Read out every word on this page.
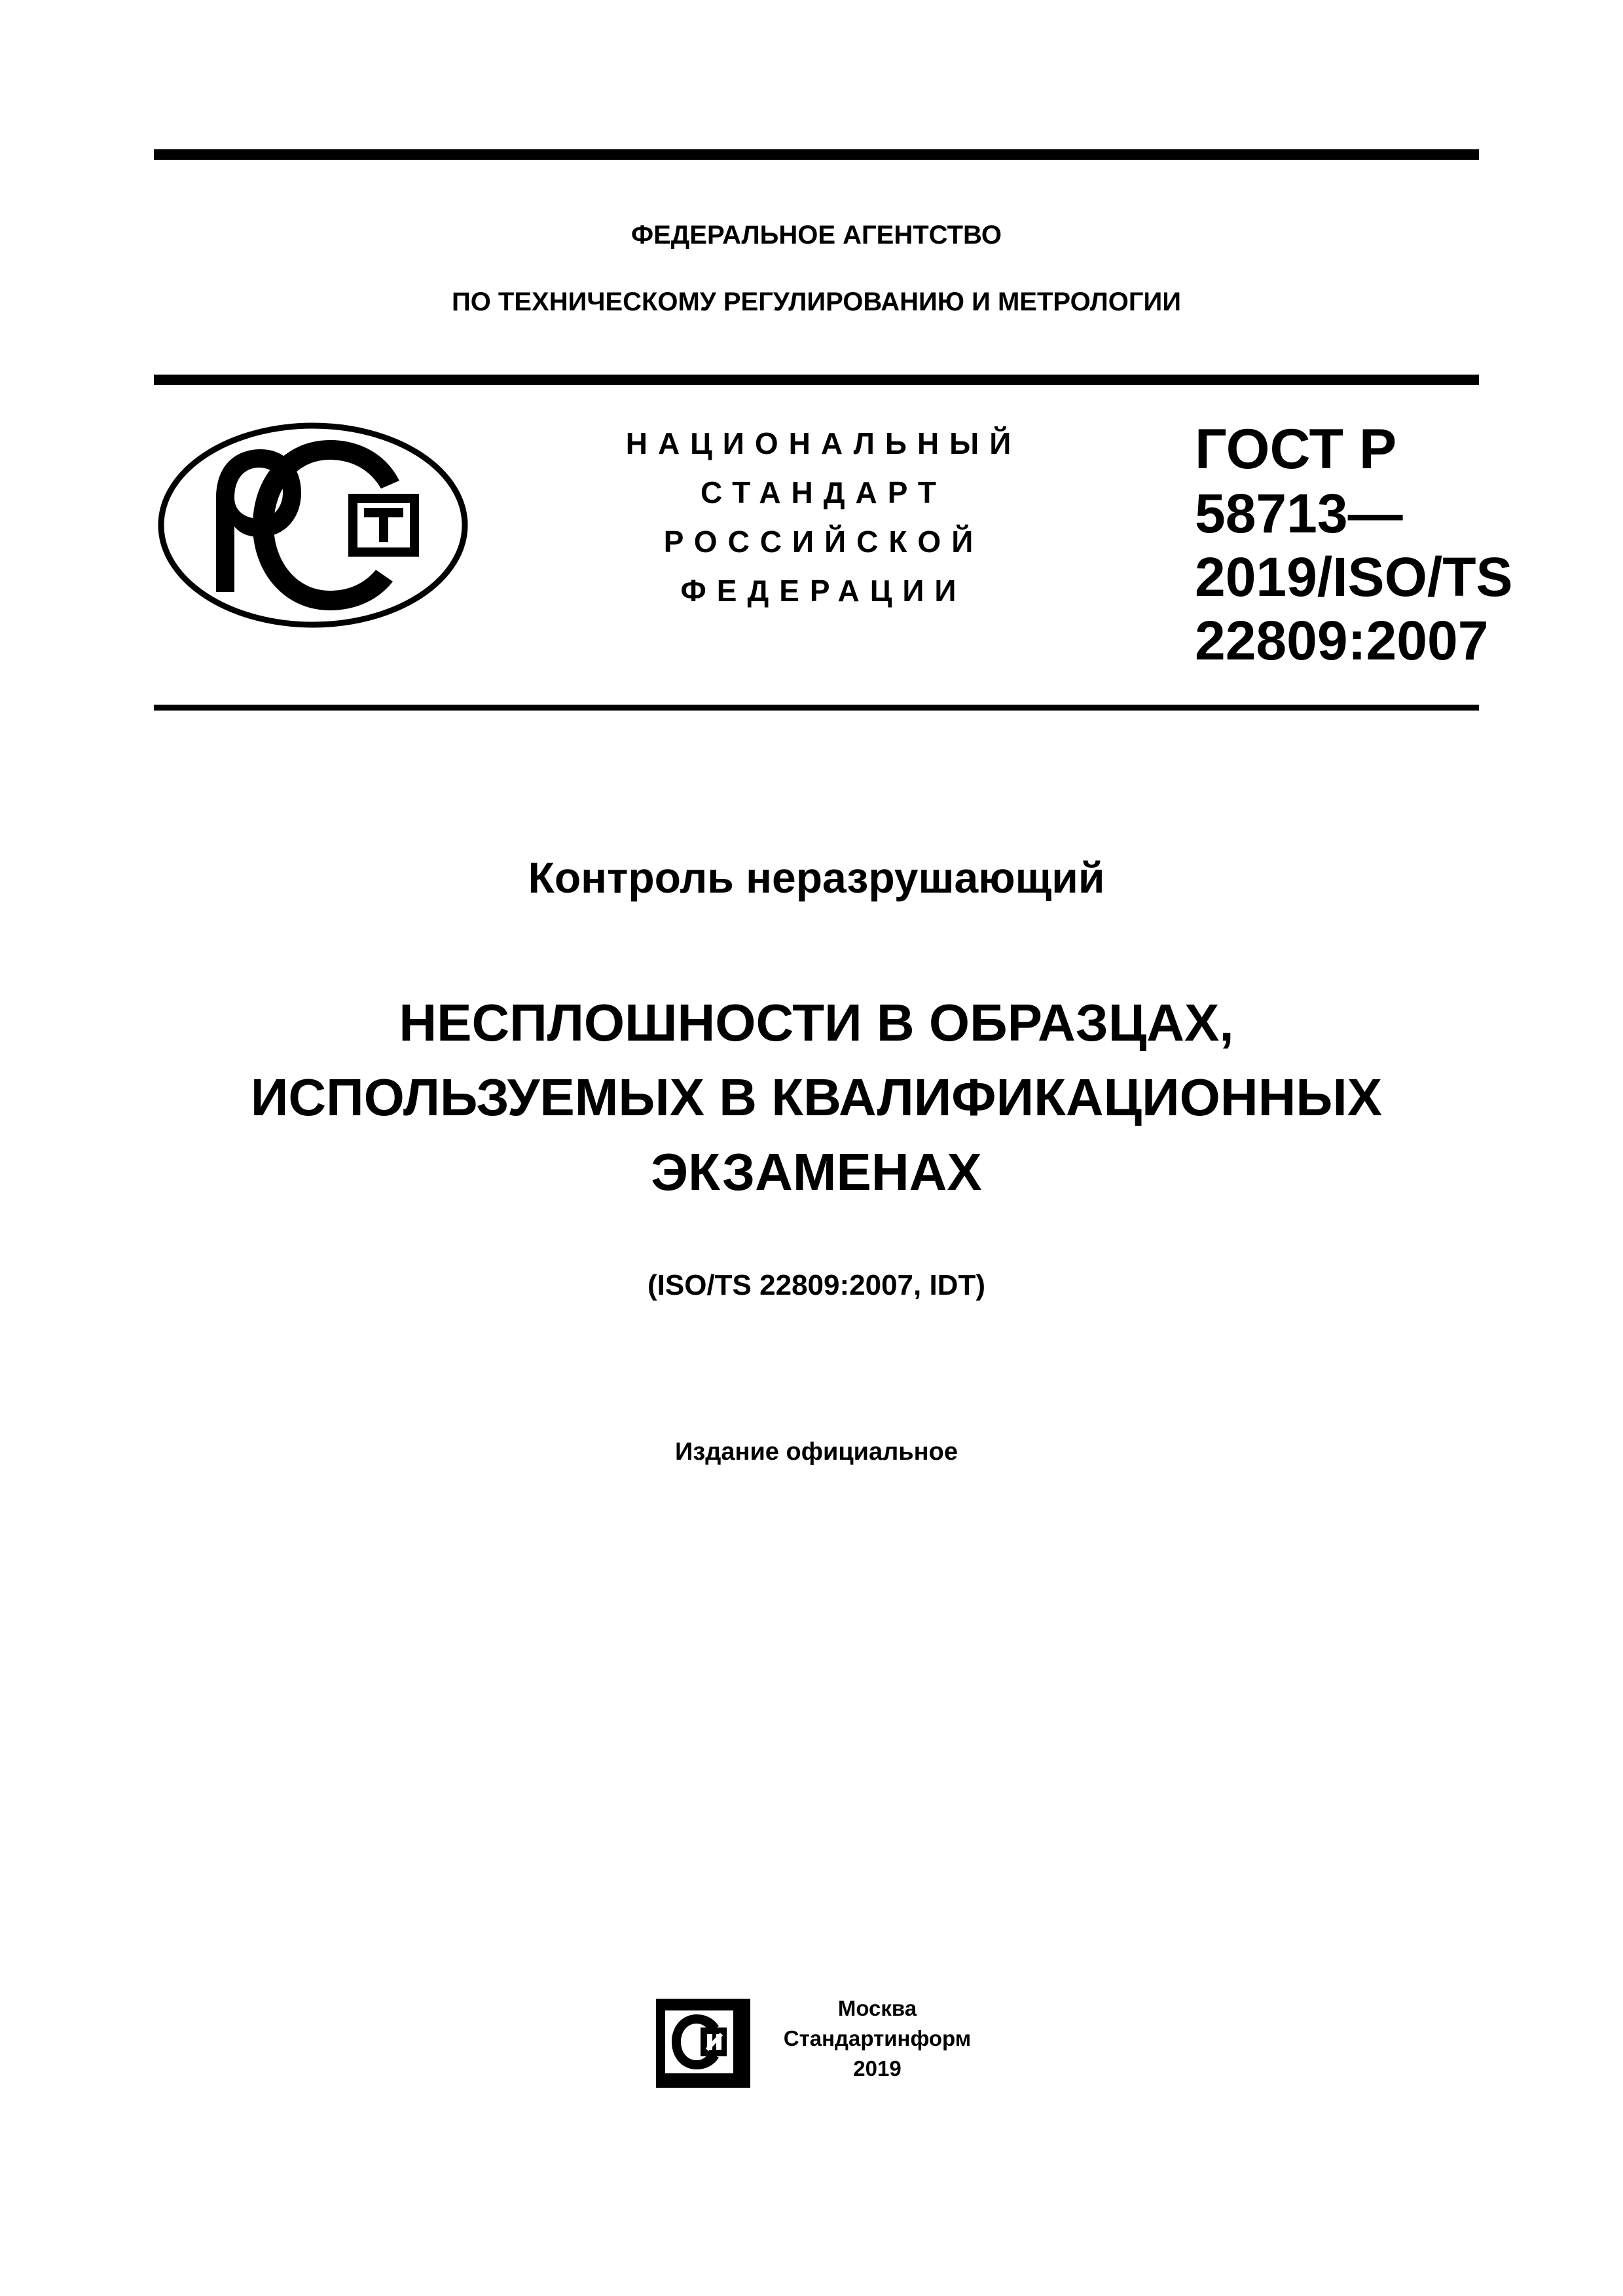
ФЕДЕРАЛЬНОЕ АГЕНТСТВО
ПО ТЕХНИЧЕСКОМУ РЕГУЛИРОВАНИЮ И МЕТРОЛОГИИ
НАЦИОНАЛЬНЫЙ
СТАНДАРТ
РОССИЙСКОЙ
ФЕДЕРАЦИИ
ГОСТ Р
58713—
2019/ISO/TS
22809:2007
Контроль неразрушающий
НЕСПЛОШНОСТИ В ОБРАЗЦАХ,
ИСПОЛЬЗУЕМЫХ В КВАЛИФИКАЦИОННЫХ
ЭКЗАМЕНАХ
(ISO/TS 22809:2007, IDT)
Издание официальное
Москва
Стандартинформ
2019
